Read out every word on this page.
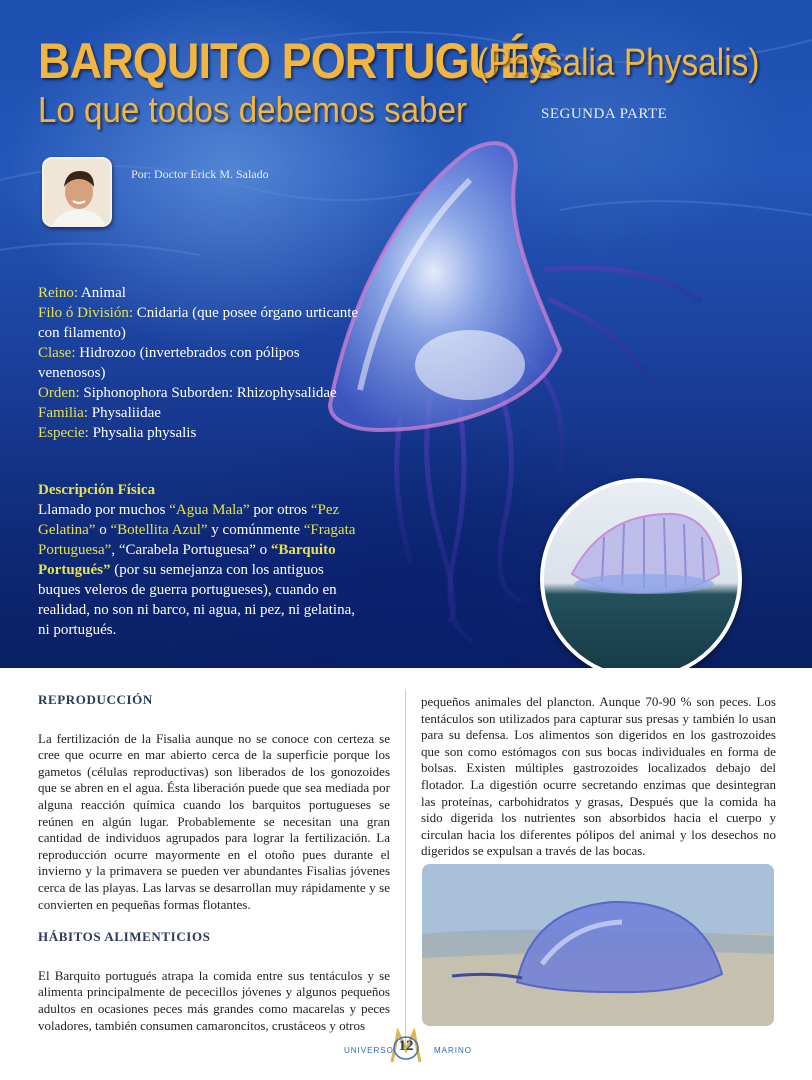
BARQUITO PORTUGUÉS
(Physalia Physalis)
Lo que todos debemos saber	SEGUNDA PARTE
Por: Doctor Erick M. Salado

Reino: Animal

Filo ó División: Cnidaria (que posee órgano urticante con filamento)

Clase: Hidrozoo (invertebrados con pólipos venenosos)

Orden: Siphonophora Suborden: Rhizophysalidae

Familia: Physaliidae

Especie: Physalia physalis

Descripción Física
Llamado por muchos “Agua Mala” por otros “Pez Gelatina” o “Botellita Azul” y comúnmente “Fragata Portuguesa”, “Carabela Portuguesa” o “Barquito Portugués” (por su semejanza con los antiguos buques veleros de guerra portugueses), cuando en realidad, no son ni barco, ni agua, ni pez, ni gelatina, ni portugués.
REPRODUCCIÓN

La fertilización de la Fisalia aunque no se conoce con certeza se cree que ocurre en mar abierto cerca de la superficie porque los gametos (células reproductivas) son liberados de los gonozoides que se abren en el agua. Ésta liberación puede que sea mediada por alguna reacción química cuando los barquitos portugueses se reúnen en algún lugar. Probablemente se necesitan una gran cantidad de individuos agrupados para lograr la fertilización. La reproducción ocurre mayormente en el otoño pues durante el invierno y la primavera se pueden ver abundantes Fisalias jóvenes cerca de las playas. Las larvas se desarrollan muy rápidamente y se convierten en pequeñas formas flotantes.

HÁBITOS ALIMENTICIOS

El Barquito portugués atrapa la comida entre sus tentáculos y se alimenta principalmente de pececillos jóvenes y algunos pequeños adultos en ocasiones peces más grandes como macarelas y peces voladores, también consumen camaroncitos, crustáceos y otros

pequeños animales del plancton. Aunque 70-90 % son peces. Los tentáculos son utilizados para capturar sus presas y también lo usan para su defensa. Los alimentos son digeridos en los gastrozoides que son como estómagos con sus bocas individuales en forma de bolsas. Existen múltiples gastrozoides localizados debajo del flotador. La digestión ocurre secretando enzimas que desintegran las proteínas, carbohidratos y grasas, Después que la comida ha sido digerida los nutrientes son absorbidos hacia el cuerpo y circulan hacia los diferentes pólipos del animal y los desechos no digeridos se expulsan a través de las bocas.

UNIVERSO 12	MARINO
